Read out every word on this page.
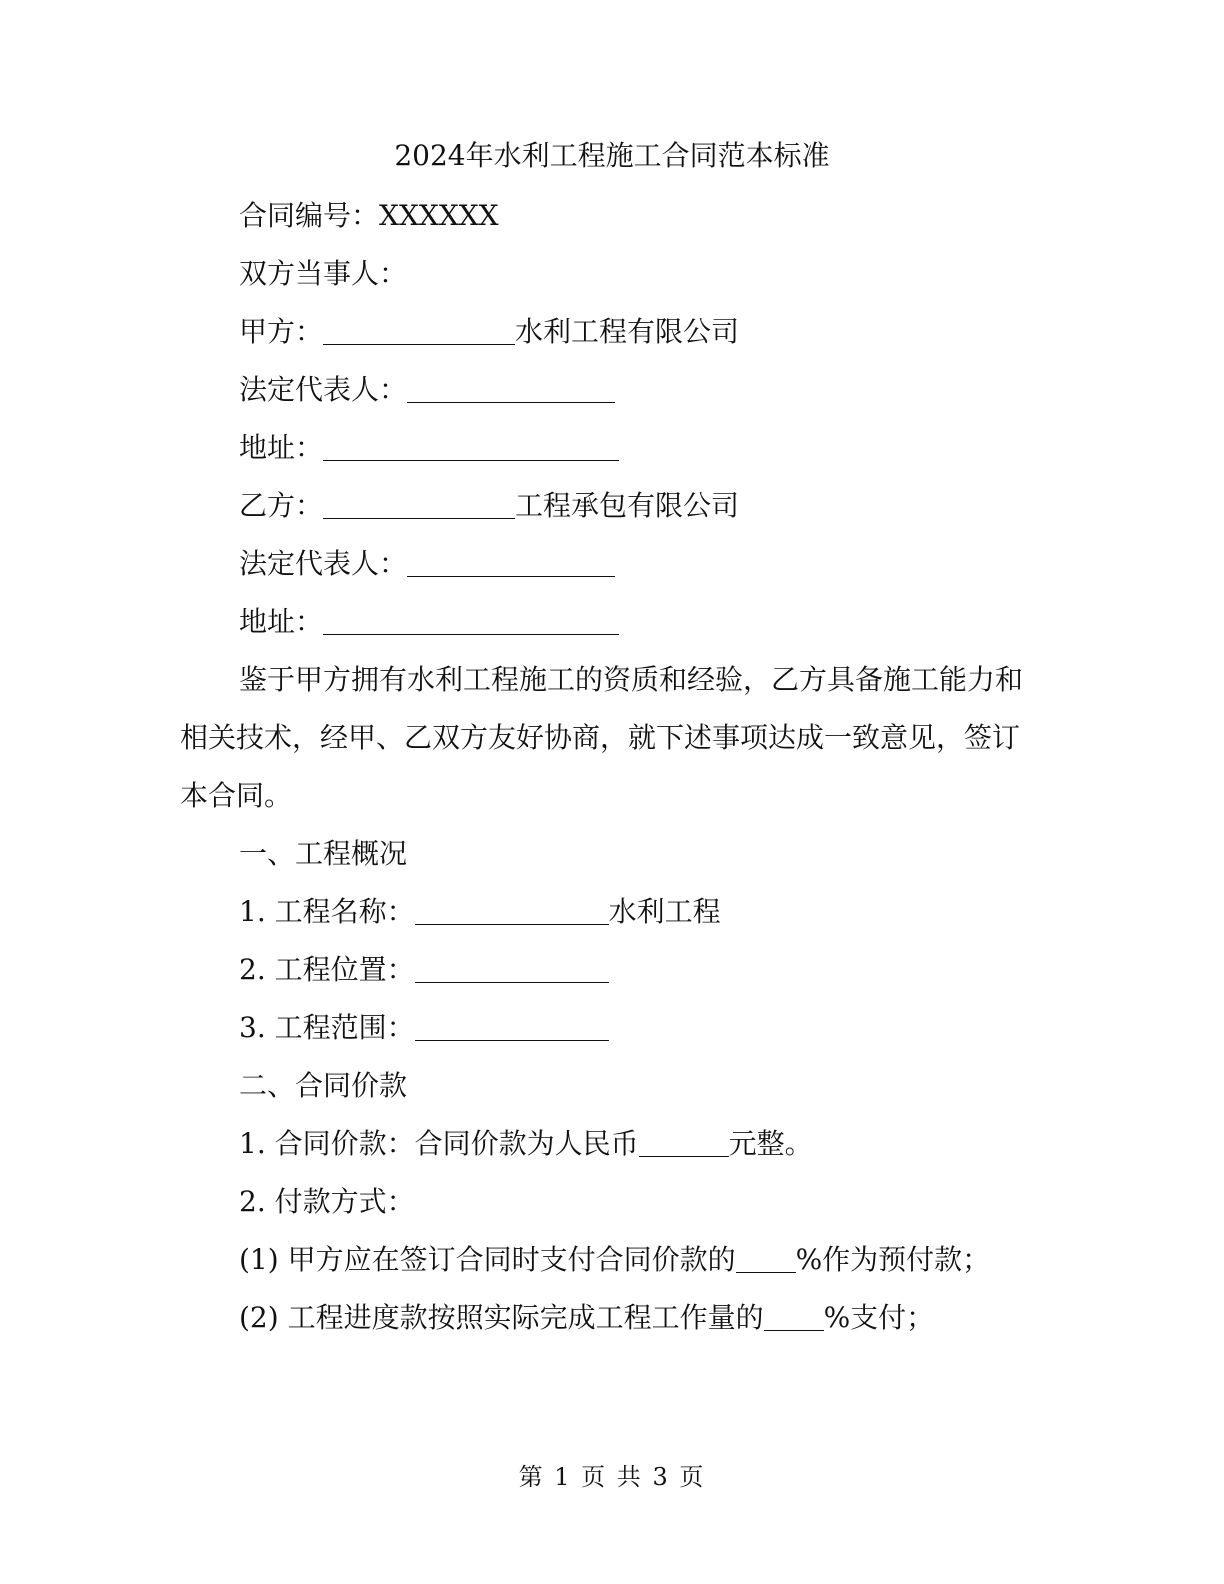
2024年水利工程施工合同范本标准
合同编号：XXXXXX
双方当事人：
甲方：	水利工程有限公司
法定代表人：
地址：
乙方：	工程承包有限公司
法定代表人：
地址：
鉴于甲方拥有水利工程施工的资质和经验，乙方具备施工能力和相关技术，经甲、乙双方友好协商，就下述事项达成一致意见，签订本合同。
一、工程概况
1. 工程名称：	水利工程
2. 工程位置：
3. 工程范围：
二、合同价款
1. 合同价款：合同价款为人民币	元整。
2. 付款方式：
(1) 甲方应在签订合同时支付合同价款的 %作为预付款；
(2) 工程进度款按照实际完成工程工作量的 %支付；
第 1 页 共 3 页
